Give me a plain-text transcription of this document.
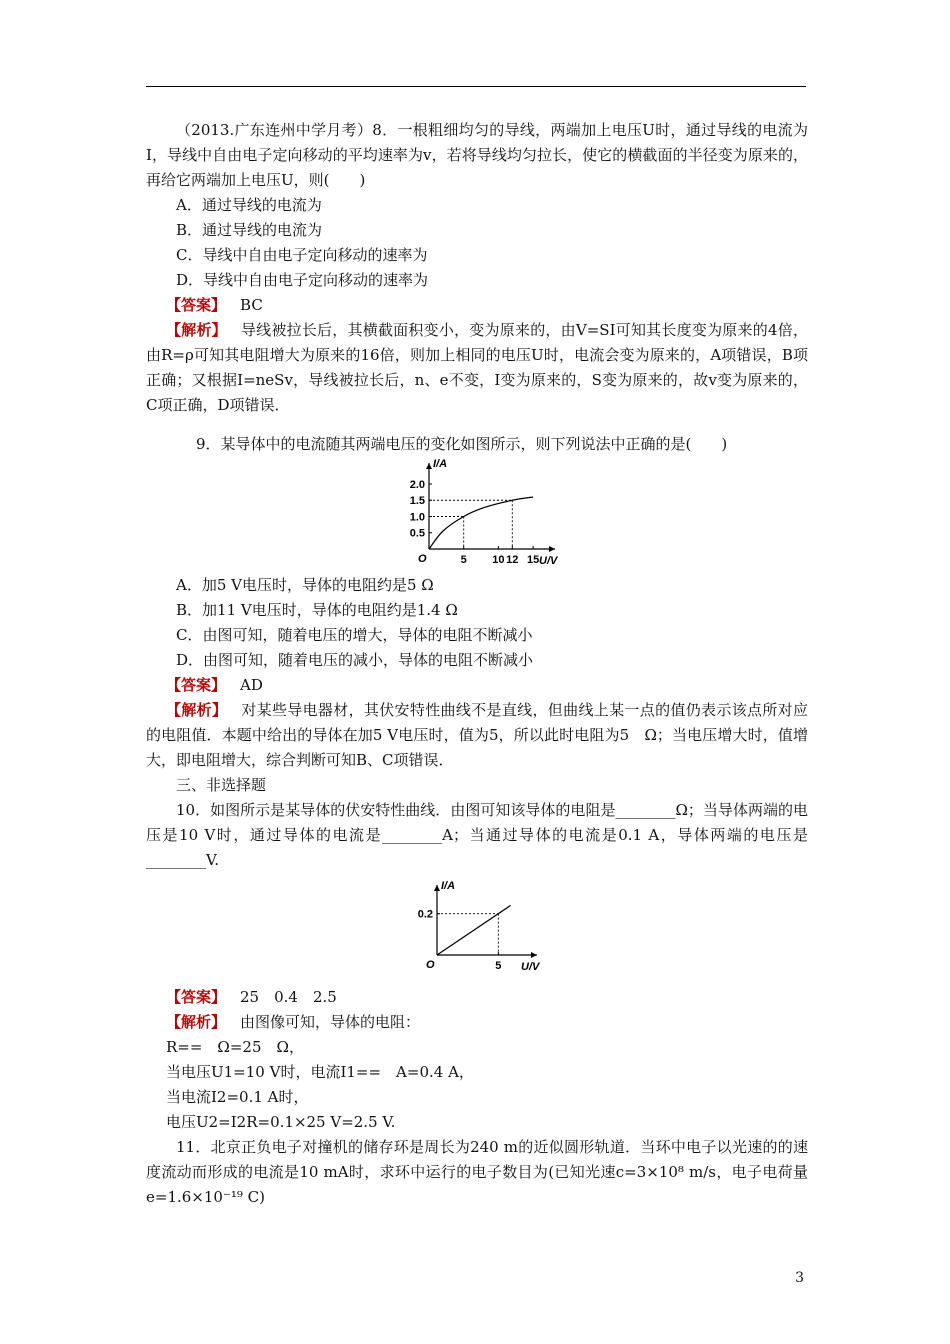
（2013.广东连州中学月考）8．一根粗细均匀的导线，两端加上电压U时，通过导线的电流为I，导线中自由电子定向移动的平均速率为v，若将导线均匀拉长，使它的横截面的半径变为原来的，再给它两端加上电压U，则(　　)

A．通过导线的电流为

B．通过导线的电流为

C．导线中自由电子定向移动的速率为

D．导线中自由电子定向移动的速率为

【答案】 BC

【解析】 导线被拉长后，其横截面积变小，变为原来的，由V=SI可知其长度变为原来的4倍，由R=ρ可知其电阻增大为原来的16倍，则加上相同的电压U时，电流会变为原来的，A项错误，B项正确；又根据I=neSv，导线被拉长后，n、e不变，I变为原来的，S变为原来的，故v变为原来的，C项正确，D项错误．

9．某导体中的电流随其两端电压的变化如图所示，则下列说法中正确的是(　　)

U/V
I/A
O	5 10 12 15
0.5
1.0
1.5
2.0

A．加5 V电压时，导体的电阻约是5 Ω

B．加11 V电压时，导体的电阻约是1.4 Ω

C．由图可知，随着电压的增大，导体的电阻不断减小

D．由图可知，随着电压的减小，导体的电阻不断减小

【答案】 AD

【解析】 对某些导电器材，其伏安特性曲线不是直线，但曲线上某一点的值仍表示该点所对应的电阻值．本题中给出的导体在加5 V电压时，值为5，所以此时电阻为5　Ω；当电压增大时，值增大，即电阻增大，综合判断可知B、C项错误．

三、非选择题

10．如图所示是某导体的伏安特性曲线．由图可知该导体的电阻是________Ω；当导体两端的电压是10 V时，通过导体的电流是________A；当通过导体的电流是0.1 A，导体两端的电压是________V.

U/V
I/A
O	5
0.2

【答案】 25　0.4　2.5

【解析】 由图像可知，导体的电阻：

R==　Ω=25　Ω，

当电压U1=10 V时，电流I1==　A=0.4 A，

当电流I2=0.1 A时，

电压U2=I2R=0.1×25 V=2.5 V.

11．北京正负电子对撞机的储存环是周长为240 m的近似圆形轨道．当环中电子以光速的的速度流动而形成的电流是10 mA时，求环中运行的电子数目为(已知光速c=3×10⁸ m/s，电子电荷量e=1.6×10⁻¹⁹ C)

3
